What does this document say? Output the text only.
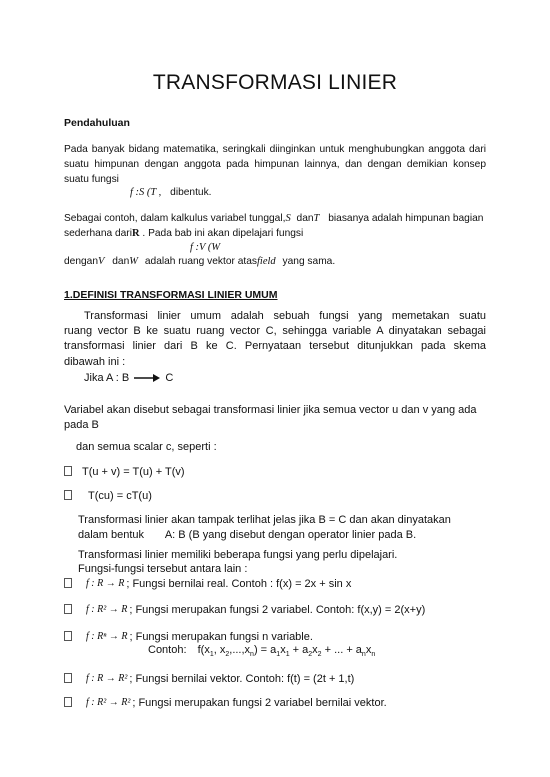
TRANSFORMASI LINIER
Pendahuluan
Pada banyak bidang matematika, seringkali diinginkan untuk menghubungkan anggota dari
suatu himpunan dengan anggota pada himpunan lainnya, dan dengan demikian konsep
suatu fungsi
f :S (T , dibentuk.
Sebagai contoh, dalam kalkulus variabel tunggal,S danT biasanya adalah himpunan bagian
sederhana dariR . Pada bab ini akan dipelajari fungsi
f :V (W
denganV danW adalah ruang vektor atasfield yang sama.
1.DEFINISI TRANSFORMASI LINIER UMUM
Transformasi linier umum adalah sebuah fungsi yang memetakan suatu
ruang vector B ke suatu ruang vector C, sehingga variable A dinyatakan sebagai
transformasi linier dari B ke C. Pernyataan tersebut ditunjukkan pada skema
dibawah ini :
Jika A : B	C
Variabel akan disebut sebagai transformasi linier jika semua vector u dan v yang ada
pada B
dan semua scalar c, seperti :
T(u + v) = T(u) + T(v)
T(cu) = cT(u)
Transformasi linier akan tampak terlihat jelas jika B = C dan akan dinyatakan
dalam bentuk       A: B (B yang disebut dengan operator linier pada B.
Transformasi linier memiliki beberapa fungsi yang perlu dipelajari.
Fungsi-fungsi tersebut antara lain :
f : R → R ; Fungsi bernilai real. Contoh : f(x) = 2x + sin x
f : R² → R ; Fungsi merupakan fungsi 2 variabel. Contoh: f(x,y) = 2(x+y)
f : Rⁿ → R ; Fungsi merupakan fungsi n variable.
Contoh: $f(x_1$, $x_2,...,x_n) = a_1x_1 + a_2x_2$ + ... + $a_nx_n$
f : R → R² ; Fungsi bernilai vektor. Contoh: f(t) = (2t + 1,t)
f : R² → R² ; Fungsi merupakan fungsi 2 variabel bernilai vektor.
